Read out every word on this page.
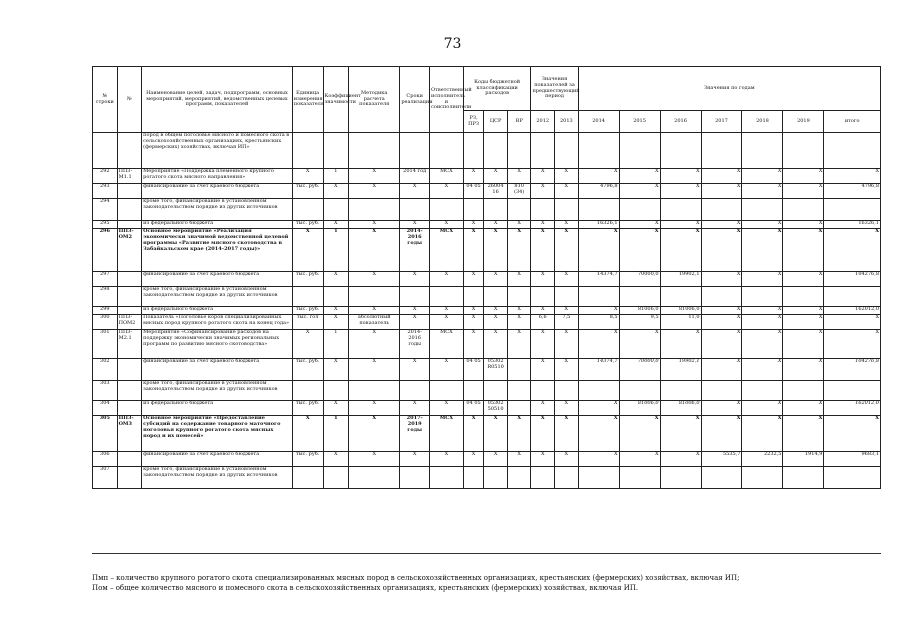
73
№ строки	№	Наименование целей, задач, подпрограмм, основных мероприятий, мероприятий, ведомственных целевых программ, показателей	Единица измерения показателя	Коэффициент значимости	Методика расчета показателя	Сроки реализации	Ответственный исполнитель и соисполнители	Коды бюджетной классификации расходов			Значения показателей за предшествующий период		Значения по годам						
								РЗ, ПРЗ	ЦСР	ВР	2012	2013	2014	2015	2016	2017	2018	2019	итого
		пород в общем поголовье мясного и помесного скота в сельскохозяйственных организациях, крестьянских (фермерских) хозяйствах, включая ИП»																	
292	ПП3-М1.1	Мероприятие «Поддержка племенного крупного рогатого скота мясного направления»	Х	1	Х	2014 год	МСХ	Х	Х	Х	Х	Х	Х	Х	Х	Х	Х	Х	Х
293		финансирование за счет краевого бюджета	тыс. руб.	Х	Х	Х	Х	04 05	26004 16	810 (34)	Х	Х	4796,8	Х	Х	Х	Х	Х	4796,8
294		кроме того, финансирование в установленном законодательством порядке из других источников																	
295		из федерального бюджета	тыс. руб.	Х	Х	Х	Х	Х	Х	Х	Х	Х	16326,1	Х	Х	Х	Х	Х	16326,1
296	ПП3-ОМ2	Основное мероприятие «Реализация экономически значимой ведомственной целевой программы «Развитие мясного скотоводства в Забайкальском крае (2014–2017 годы)»	Х	1	Х	2014-2016 годы	МСХ	Х	Х	Х	Х	Х	Х	Х	Х	Х	Х	Х	Х
297		финансирование за счет краевого бюджета	тыс. руб.	Х	Х	Х	Х	Х	Х	Х	Х	Х	14374,7	70000,0	19902,1	Х	Х	Х	104276,8
298		кроме того, финансирование в установленном законодательством порядке из других источников																	
299		из федерального бюджета	тыс. руб.	Х	Х	Х	Х	Х	Х	Х	Х	Х	Х	81006,0	81006,0	Х	Х	Х	162012,0
300	ПП3-ПОМ2	Показатель «Поголовье коров специализированных мясных пород крупного рогатого скота на конец года»	тыс. гол	Х	абсолютный показатель	Х	Х	Х	Х	Х	6,6	7,5	8,5	9,5	11,0	Х	Х	Х	Х
301	ПП3-М2.1	Мероприятие «Софинансирование расходов на поддержку экономически значимых региональных программ по развитию мясного скотоводства»	Х	1	Х	2014-2016 годы	МСХ	Х	Х	Х	Х	Х	Х	Х	Х	Х	Х	Х	Х
302		финансирование за счет краевого бюджета	тыс. руб.	Х	Х	Х	Х	04 05	05302 R0510		Х	Х	14374,7	70000,0	19902,1	Х	Х	Х	104276,8
303		кроме того, финансирование в установленном законодательством порядке из других источников																	
304		из федерального бюджета	тыс. руб.	Х	Х	Х	Х	04 05	05302 50510		Х	Х	Х	81006,0	81006,0	Х	Х	Х	162012,0
305	ПП3-ОМ3	Основное мероприятие «Предоставление субсидий на содержание товарного маточного поголовья крупного рогатого скота мясных пород и их помесей»	Х	1	Х	2017-2019 годы	МСХ	Х	Х	Х	Х	Х	Х	Х	Х	Х	Х	Х	Х
306		финансирование за счет краевого бюджета	тыс. руб.	Х	Х	Х	Х	Х	Х	Х	Х	Х	Х	Х	Х	5535,7	2232,5	1914,9	9683,1
307		кроме того, финансирование в установленном законодательством порядке из других источников																	
Пмп – количество крупного рогатого скота специализированных мясных пород в сельскохозяйственных организациях, крестьянских (фермерских) хозяйствах, включая ИП;
Пом – общее количество мясного и помесного скота в сельскохозяйственных организациях, крестьянских (фермерских) хозяйствах, включая ИП.
